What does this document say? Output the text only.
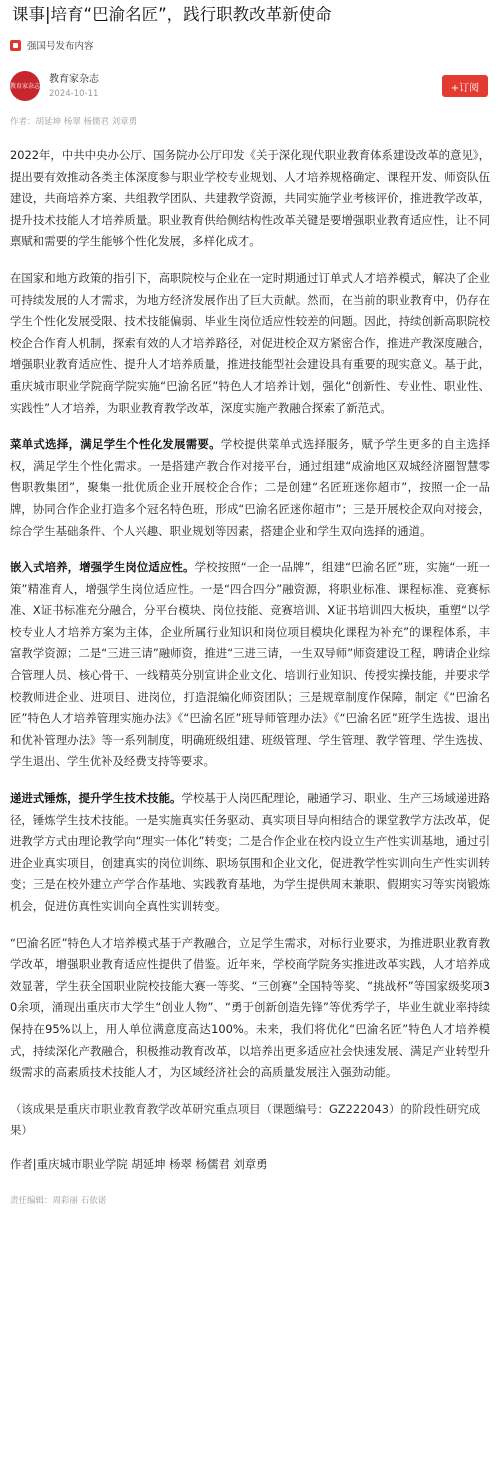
课事|培育“巴渝名匠”，践行职教改革新使命
强国号发布内容
教育家杂志
教育家杂志
2024-10-11	+订阅
作者：胡延坤 杨翠 杨儒君 刘章勇

2022年，中共中央办公厅、国务院办公厅印发《关于深化现代职业教育体系建设改革的意见》，提出要有效推动各类主体深度参与职业学校专业规划、人才培养规格确定、课程开发、师资队伍建设，共商培养方案、共组教学团队、共建教学资源，共同实施学业考核评价，推进教学改革，提升技术技能人才培养质量。职业教育供给侧结构性改革关键是要增强职业教育适应性，让不同禀赋和需要的学生能够个性化发展，多样化成才。

在国家和地方政策的指引下，高职院校与企业在一定时期通过订单式人才培养模式，解决了企业可持续发展的人才需求，为地方经济发展作出了巨大贡献。然而，在当前的职业教育中，仍存在学生个性化发展受限、技术技能偏弱、毕业生岗位适应性较差的问题。因此，持续创新高职院校校企合作育人机制，探索有效的人才培养路径，对促进校企双方紧密合作，推进产教深度融合，增强职业教育适应性、提升人才培养质量，推进技能型社会建设具有重要的现实意义。基于此，重庆城市职业学院商学院实施“巴渝名匠”特色人才培养计划，强化“创新性、专业性、职业性、实践性”人才培养，为职业教育教学改革，深度实施产教融合探索了新范式。

菜单式选择，满足学生个性化发展需要。学校提供菜单式选择服务，赋予学生更多的自主选择权，满足学生个性化需求。一是搭建产教合作对接平台，通过组建“成渝地区双城经济圈智慧零售职教集团”，聚集一批优质企业开展校企合作；二是创建“名匠班迷你超市”，按照一企一品牌，协同合作企业打造多个冠名特色班，形成“巴渝名匠迷你超市”；三是开展校企双向对接会，综合学生基础条件、个人兴趣、职业规划等因素，搭建企业和学生双向选择的通道。

嵌入式培养，增强学生岗位适应性。学校按照“一企一品牌”，组建“巴渝名匠”班，实施“一班一策”精准育人，增强学生岗位适应性。一是“四合四分”融资源，将职业标准、课程标准、竞赛标准、X证书标准充分融合，分平台模块、岗位技能、竞赛培训、X证书培训四大板块，重塑“以学校专业人才培养方案为主体，企业所属行业知识和岗位项目模块化课程为补充”的课程体系，丰富教学资源；二是“三进三请”融师资，推进“三进三请，一生双导师”师资建设工程，聘请企业综合管理人员、核心骨干、一线精英分别宣讲企业文化、培训行业知识、传授实操技能，并要求学校教师进企业、进项目、进岗位，打造混编化师资团队；三是规章制度作保障，制定《“巴渝名匠”特色人才培养管理实施办法》《“巴渝名匠”班导师管理办法》《“巴渝名匠”班学生选拔、退出和优补管理办法》等一系列制度，明确班级组建、班级管理、学生管理、教学管理、学生选拔、学生退出、学生优补及经费支持等要求。

递进式锤炼，提升学生技术技能。学校基于人岗匹配理论，融通学习、职业、生产三场域递进路径，锤炼学生技术技能。一是实施真实任务驱动、真实项目导向相结合的课堂教学方法改革，促进教学方式由理论教学向“理实一体化”转变；二是合作企业在校内设立生产性实训基地，通过引进企业真实项目，创建真实的岗位训练、职场氛围和企业文化，促进教学性实训向生产性实训转变；三是在校外建立产学合作基地、实践教育基地，为学生提供周末兼职、假期实习等实岗锻炼机会，促进仿真性实训向全真性实训转变。

“巴渝名匠”特色人才培养模式基于产教融合，立足学生需求，对标行业要求，为推进职业教育教学改革，增强职业教育适应性提供了借鉴。近年来，学校商学院务实推进改革实践，人才培养成效显著，学生获全国职业院校技能大赛一等奖、“三创赛”全国特等奖、“挑战杯”等国家级奖项30余项，涌现出重庆市大学生“创业人物”、“勇于创新创造先锋”等优秀学子，毕业生就业率持续保持在95%以上，用人单位满意度高达100%。未来，我们将优化“巴渝名匠”特色人才培养模式，持续深化产教融合，积极推动教育改革，以培养出更多适应社会快速发展、满足产业转型升级需求的高素质技术技能人才，为区域经济社会的高质量发展注入强劲动能。

（该成果是重庆市职业教育教学改革研究重点项目（课题编号：GZ222043）的阶段性研究成果）
作者|重庆城市职业学院 胡延坤 杨翠 杨儒君 刘章勇
责任编辑：周彩丽 石依诺
